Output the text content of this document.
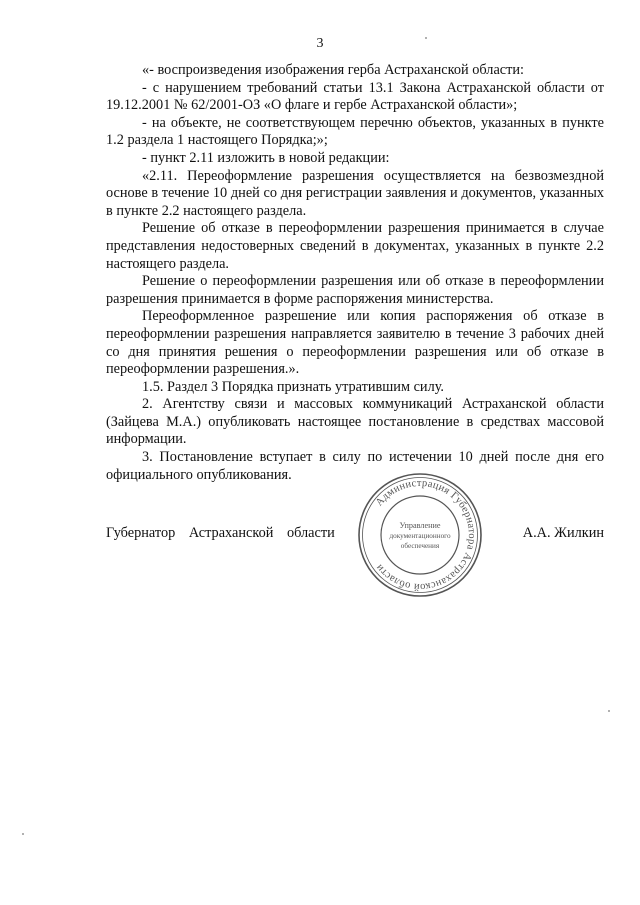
3

«- воспроизведения изображения герба Астраханской области:

- с нарушением требований статьи 13.1 Закона Астраханской области от 19.12.2001 № 62/2001-ОЗ «О флаге и гербе Астраханской области»;

- на объекте, не соответствующем перечню объектов, указанных в пункте 1.2 раздела 1 настоящего Порядка;»;

- пункт 2.11 изложить в новой редакции:

«2.11. Переоформление разрешения осуществляется на безвозмездной основе в течение 10 дней со дня регистрации заявления и документов, указанных в пункте 2.2 настоящего раздела.

Решение об отказе в переоформлении разрешения принимается в случае представления недостоверных сведений в документах, указанных в пункте 2.2 настоящего раздела.

Решение о переоформлении разрешения или об отказе в переоформлении разрешения принимается в форме распоряжения министерства.

Переоформленное разрешение или копия распоряжения об отказе в переоформлении разрешения направляется заявителю в течение 3 рабочих дней со дня принятия решения о переоформлении разрешения или об отказе в переоформлении разрешения.».

1.5. Раздел 3 Порядка признать утратившим силу.

2. Агентству связи и массовых коммуникаций Астраханской области (Зайцева М.А.) опубликовать настоящее постановление в средствах массовой информации.

3. Постановление вступает в силу по истечении 10 дней после дня его официального опубликования.

Губернатор Астраханской области	А.А. Жилкин
Администрация Губернатора Астраханской области
Управление
документационного
обеспечения
